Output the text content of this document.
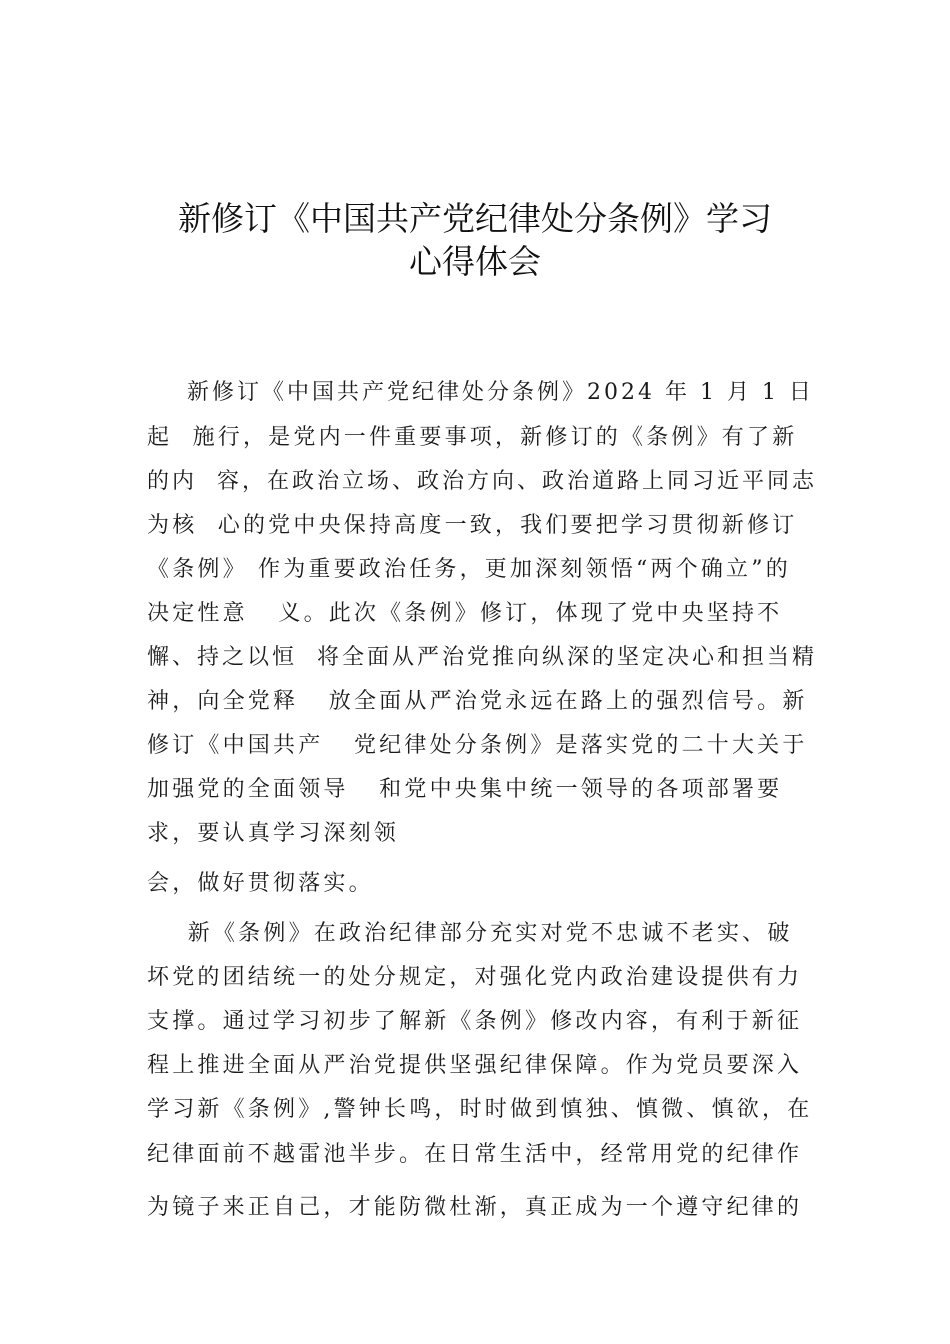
新修订《中国共产党纪律处分条例》学习
心得体会
新修订《中国共产党纪律处分条例》2024 年 1 月 1 日
起  施行，是党内一件重要事项，新修订的《条例》有了新
的内  容，在政治立场、政治方向、政治道路上同习近平同志
为核  心的党中央保持高度一致，我们要把学习贯彻新修订
《条例》 作为重要政治任务，更加深刻领悟“两个确立”的
决定性意   义。此次《条例》修订，体现了党中央坚持不
懈、持之以恒  将全面从严治党推向纵深的坚定决心和担当精
神，向全党释   放全面从严治党永远在路上的强烈信号。新
修订《中国共产   党纪律处分条例》是落实党的二十大关于
加强党的全面领导   和党中央集中统一领导的各项部署要
求，要认真学习深刻领
会，做好贯彻落实。
新《条例》在政治纪律部分充实对党不忠诚不老实、破
坏党的团结统一的处分规定，对强化党内政治建设提供有力
支撑。通过学习初步了解新《条例》修改内容，有利于新征
程上推进全面从严治党提供坚强纪律保障。作为党员要深入
学习新《条例》,警钟长鸣，时时做到慎独、慎微、慎欲，在
纪律面前不越雷池半步。在日常生活中，经常用党的纪律作
为镜子来正自己，才能防微杜渐，真正成为一个遵守纪律的
